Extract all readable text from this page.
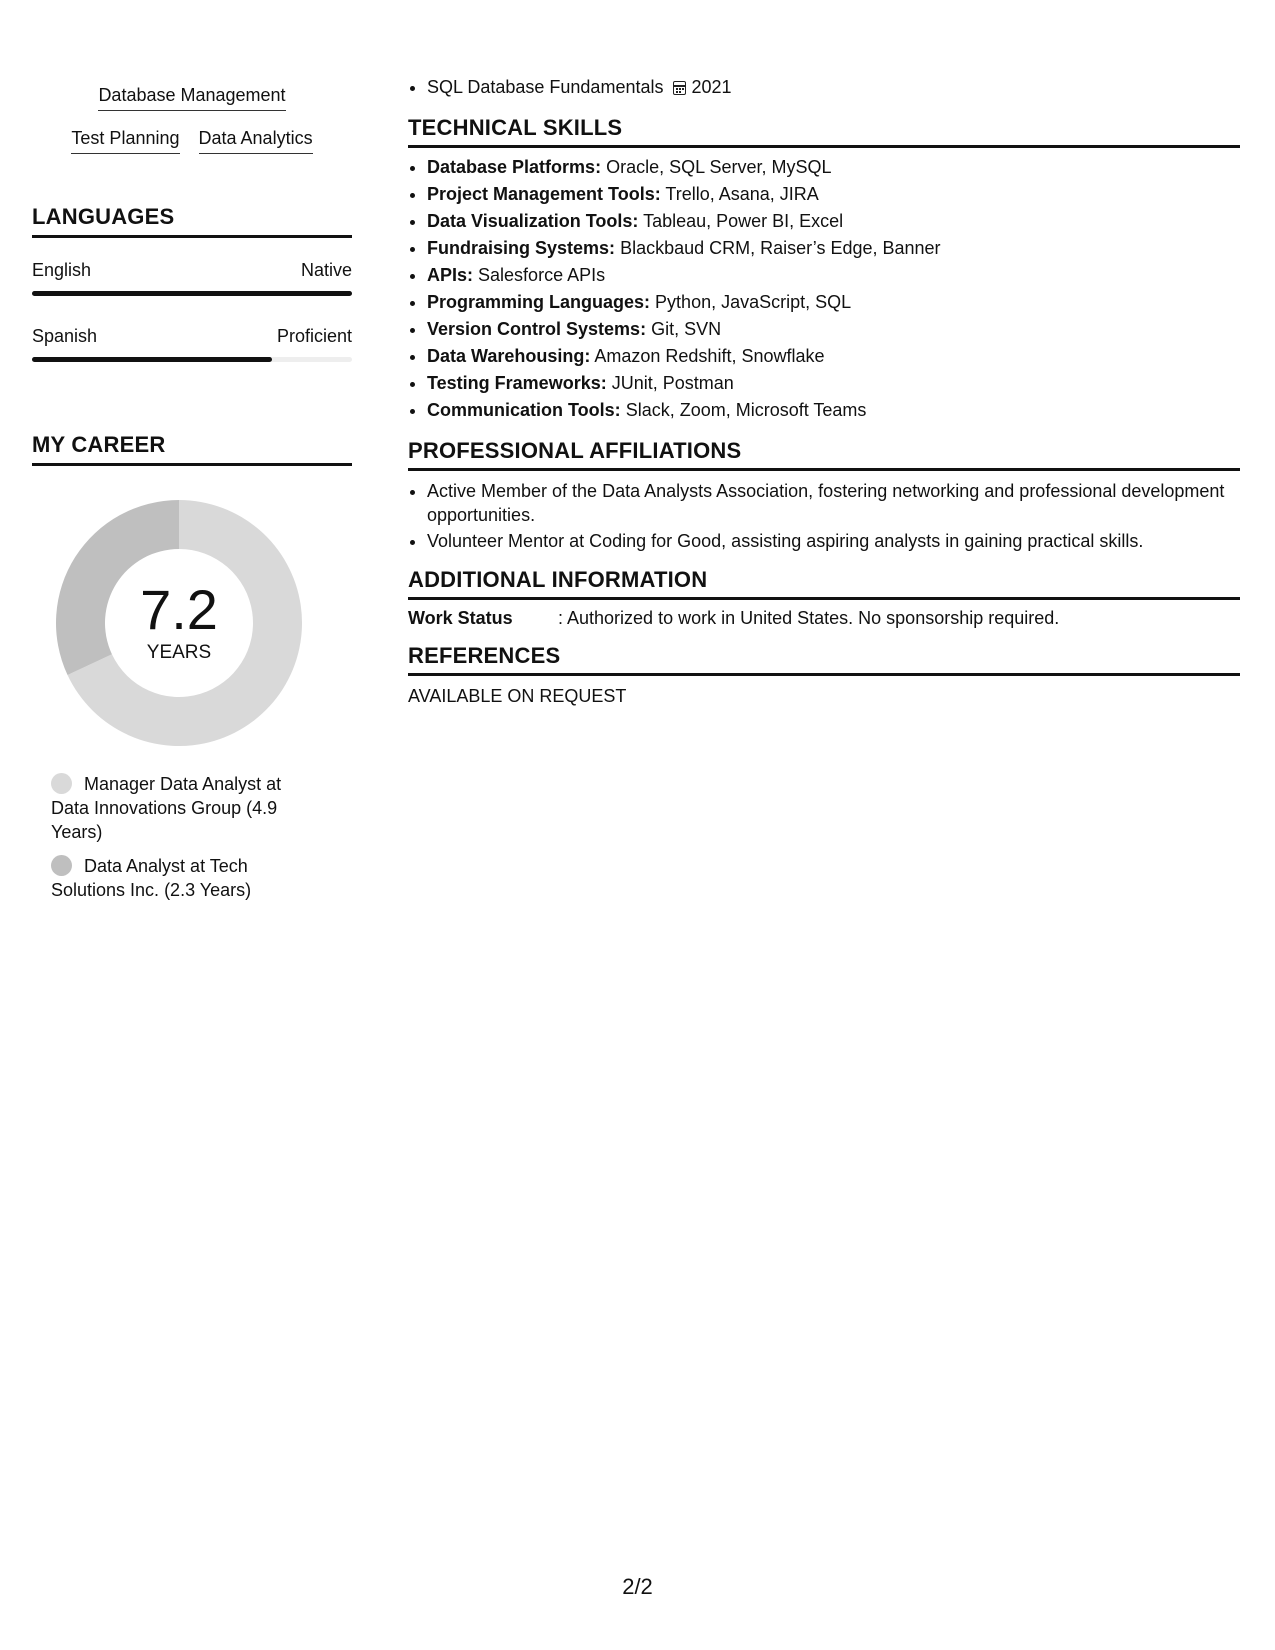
Database Management
Test Planning Data Analytics
LANGUAGES
English	Native
Spanish	Proficient
MY CAREER
7.2
YEARS
Manager Data Analyst at Data Innovations Group (4.9 Years)
Data Analyst at Tech Solutions Inc. (2.3 Years)
• SQL Database Fundamentals 2021
TECHNICAL SKILLS
• Database Platforms: Oracle, SQL Server, MySQL
• Project Management Tools: Trello, Asana, JIRA
• Data Visualization Tools: Tableau, Power BI, Excel
• Fundraising Systems: Blackbaud CRM, Raiser’s Edge, Banner
• APIs: Salesforce APIs
• Programming Languages: Python, JavaScript, SQL
• Version Control Systems: Git, SVN
• Data Warehousing: Amazon Redshift, Snowflake
• Testing Frameworks: JUnit, Postman
• Communication Tools: Slack, Zoom, Microsoft Teams
PROFESSIONAL AFFILIATIONS
• Active Member of the Data Analysts Association, fostering networking and professional development opportunities.
• Volunteer Mentor at Coding for Good, assisting aspiring analysts in gaining practical skills.
ADDITIONAL INFORMATION
Work Status	: Authorized to work in United States. No sponsorship required.
REFERENCES
AVAILABLE ON REQUEST
2/2
